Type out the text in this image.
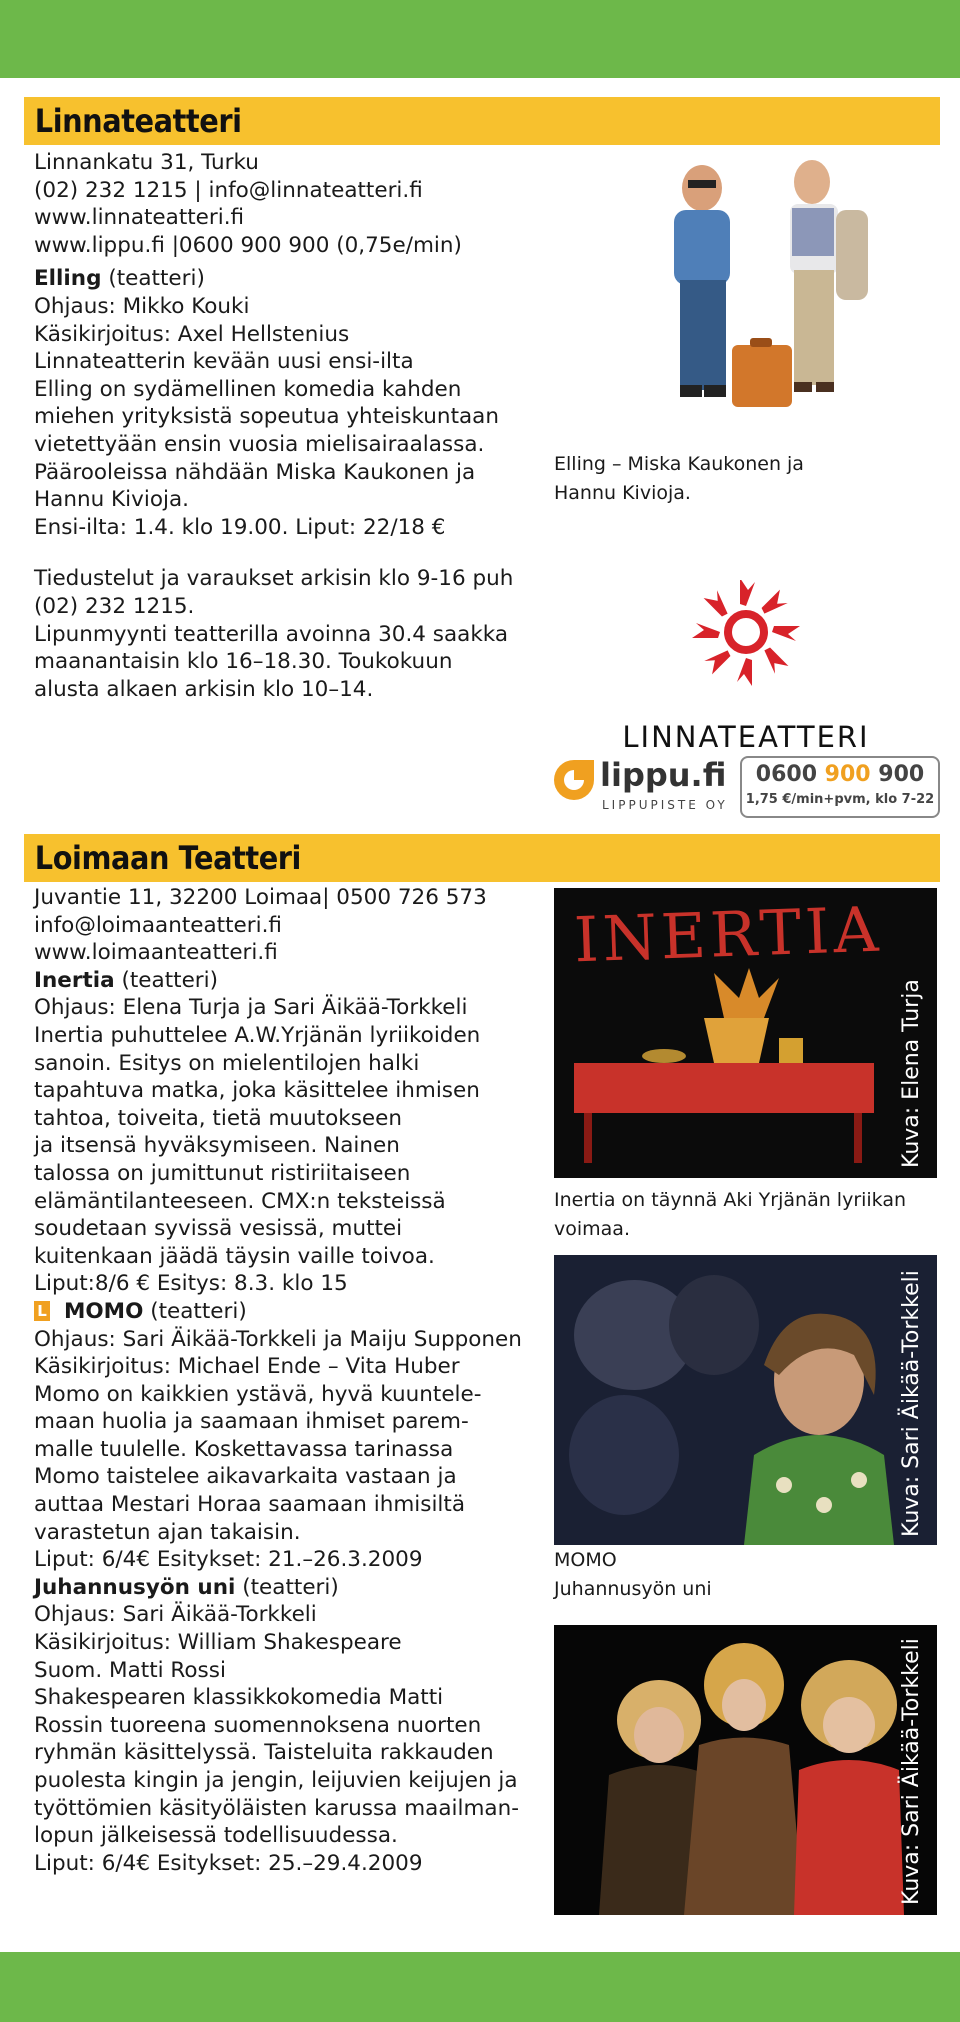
Linnateatteri

Linnankatu 31, Turku

(02) 232 1215 | info@linnateatteri.fi

www.linnateatteri.fi

www.lippu.fi |0600 900 900 (0,75e/min)

Elling (teatteri)

Ohjaus: Mikko Kouki

Käsikirjoitus: Axel Hellstenius

Linnateatterin kevään uusi ensi-ilta

Elling on sydämellinen komedia kahden

miehen yrityksistä sopeutua yhteiskuntaan

vietettyään ensin vuosia mielisairaalassa.

Päärooleissa nähdään Miska Kaukonen ja

Hannu Kivioja.

Ensi-ilta: 1.4. klo 19.00. Liput: 22/18 €

Tiedustelut ja varaukset arkisin klo 9-16 puh

(02) 232 1215.

Lipunmyynti teatterilla avoinna 30.4 saakka

maanantaisin klo 16–18.30. Toukokuun

alusta alkaen arkisin klo 10–14.

Elling – Miska Kaukonen ja

Hannu Kivioja.

LINNATEATTERI
lippu.fi
LIPPUPISTE OY
0600 900 900
1,75 €/min+pvm, klo 7-22
Loimaan Teatteri

Juvantie 11, 32200 Loimaa| 0500 726 573

info@loimaanteatteri.fi

www.loimaanteatteri.fi

Inertia (teatteri)

Ohjaus: Elena Turja ja Sari Äikää-Torkkeli

Inertia puhuttelee A.W.Yrjänän lyriikoiden

sanoin. Esitys on mielentilojen halki

tapahtuva matka, joka käsittelee ihmisen

tahtoa, toiveita, tietä muutokseen

ja itsensä hyväksymiseen. Nainen

talossa on jumittunut ristiriitaiseen

elämäntilanteeseen. CMX:n teksteissä

soudetaan syvissä vesissä, muttei

kuitenkaan jäädä täysin vaille toivoa.

Liput:8/6 € Esitys: 8.3. klo 15

L MOMO (teatteri)

Ohjaus: Sari Äikää-Torkkeli ja Maiju Supponen

Käsikirjoitus: Michael Ende – Vita Huber

Momo on kaikkien ystävä, hyvä kuuntele-

maan huolia ja saamaan ihmiset parem-

malle tuulelle. Koskettavassa tarinassa

Momo taistelee aikavarkaita vastaan ja

auttaa Mestari Horaa saamaan ihmisiltä

varastetun ajan takaisin.

Liput: 6/4€ Esitykset: 21.–26.3.2009

Juhannusyön uni (teatteri)

Ohjaus: Sari Äikää-Torkkeli

Käsikirjoitus: William Shakespeare

Suom. Matti Rossi

Shakespearen klassikkokomedia Matti

Rossin tuoreena suomennoksena nuorten

ryhmän käsittelyssä. Taisteluita rakkauden

puolesta kingin ja jengin, leijuvien keijujen ja

työttömien käsityöläisten karussa maailman-

lopun jälkeisessä todellisuudessa.

Liput: 6/4€ Esitykset: 25.–29.4.2009

INERTIA
Kuva: Elena Turja

Inertia on täynnä Aki Yrjänän lyriikan

voimaa.

Kuva: Sari Äikää-Torkkeli

MOMO

Juhannusyön uni

Kuva: Sari Äikää-Torkkeli
